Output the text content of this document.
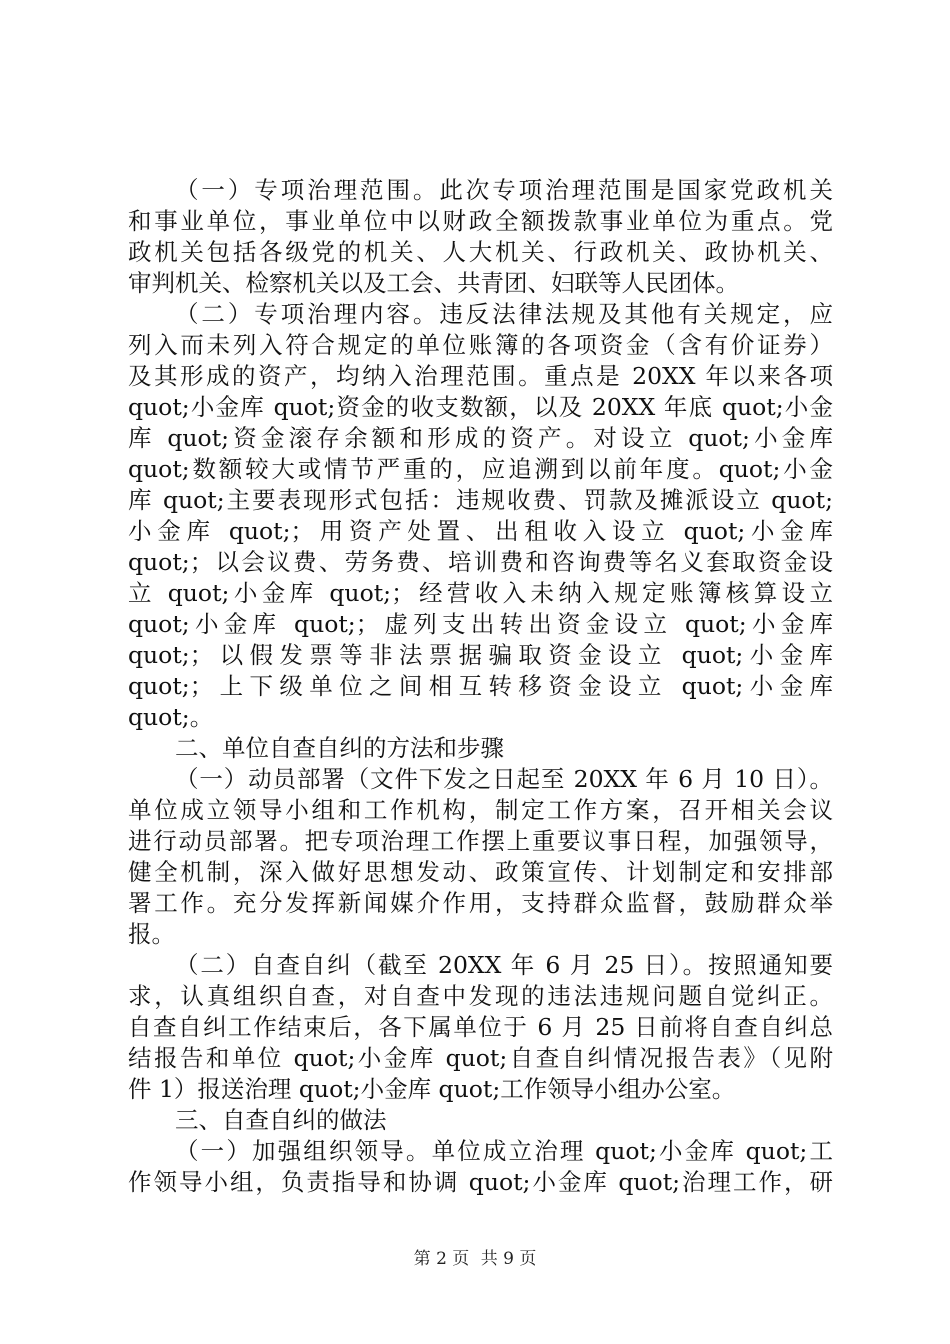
（一）专项治理范围。此次专项治理范围是国家党政机关
和事业单位，事业单位中以财政全额拨款事业单位为重点。党
政机关包括各级党的机关、人大机关、行政机关、政协机关、
审判机关、检察机关以及工会、共青团、妇联等人民团体。
（二）专项治理内容。违反法律法规及其他有关规定，应
列入而未列入符合规定的单位账簿的各项资金（含有价证券）
及其形成的资产，均纳入治理范围。重点是 20XX 年以来各项
quot;小金库 quot;资金的收支数额，以及 20XX 年底 quot;小金
库 quot;资金滚存余额和形成的资产。对设立 quot;小金库
quot;数额较大或情节严重的，应追溯到以前年度。quot;小金
库 quot;主要表现形式包括：违规收费、罚款及摊派设立 quot;
小金库 quot;；用资产处置、出租收入设立 quot;小金库
quot;；以会议费、劳务费、培训费和咨询费等名义套取资金设
立 quot;小金库 quot;；经营收入未纳入规定账簿核算设立
quot;小金库 quot;；虚列支出转出资金设立 quot;小金库
quot;；以假发票等非法票据骗取资金设立 quot;小金库
quot;；上下级单位之间相互转移资金设立 quot;小金库
quot;。
二、单位自查自纠的方法和步骤
（一）动员部署（文件下发之日起至 20XX 年 6 月 10 日）。
单位成立领导小组和工作机构，制定工作方案，召开相关会议
进行动员部署。把专项治理工作摆上重要议事日程，加强领导，
健全机制，深入做好思想发动、政策宣传、计划制定和安排部
署工作。充分发挥新闻媒介作用，支持群众监督，鼓励群众举
报。
（二）自查自纠（截至 20XX 年 6 月 25 日）。按照通知要
求，认真组织自查，对自查中发现的违法违规问题自觉纠正。
自查自纠工作结束后，各下属单位于 6 月 25 日前将自查自纠总
结报告和单位 quot;小金库 quot;自查自纠情况报告表》（见附
件 1）报送治理 quot;小金库 quot;工作领导小组办公室。
三、自查自纠的做法
（一）加强组织领导。单位成立治理 quot;小金库 quot;工
作领导小组，负责指导和协调 quot;小金库 quot;治理工作，研
第 2 页 共 9 页
